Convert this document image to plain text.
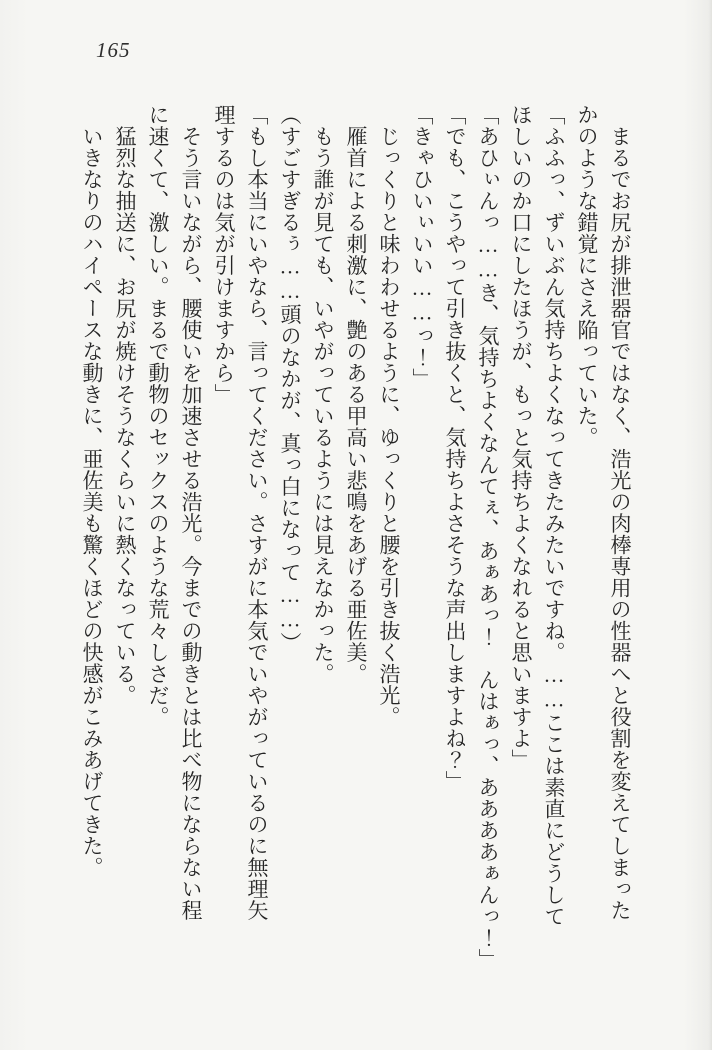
165

　まるでお尻が排泄器官ではなく、浩光の肉棒専用の性器へと役割を変えてしまった

かのような錯覚にさえ陥っていた。

「ふふっ、ずいぶん気持ちよくなってきたみたいですね。……ここは素直にどうして

ほしいのか口にしたほうが、もっと気持ちよくなれると思いますよ」

「あひぃんっ……き、気持ちよくなんてぇ、あぁあっ！　んはぁっ、ああああぁんっ！」

「でも、こうやって引き抜くと、気持ちよさそうな声出しますよね？」

「きゃひいぃいい……っ！」

　じっくりと味わわせるように、ゆっくりと腰を引き抜く浩光。

　雁首による刺激に、艶のある甲高い悲鳴をあげる亜佐美。

　もう誰が見ても、いやがっているようには見えなかった。

（すごすぎるぅ……頭のなかが、真っ白になって……）

「もし本当にいやなら、言ってください。さすがに本気でいやがっているのに無理矢

理するのは気が引けますから」

　そう言いながら、腰使いを加速させる浩光。今までの動きとは比べ物にならない程

に速くて、激しい。まるで動物のセックスのような荒々しさだ。

　猛烈な抽送に、お尻が焼けそうなくらいに熱くなっている。

　いきなりのハイペースな動きに、亜佐美も驚くほどの快感がこみあげてきた。
